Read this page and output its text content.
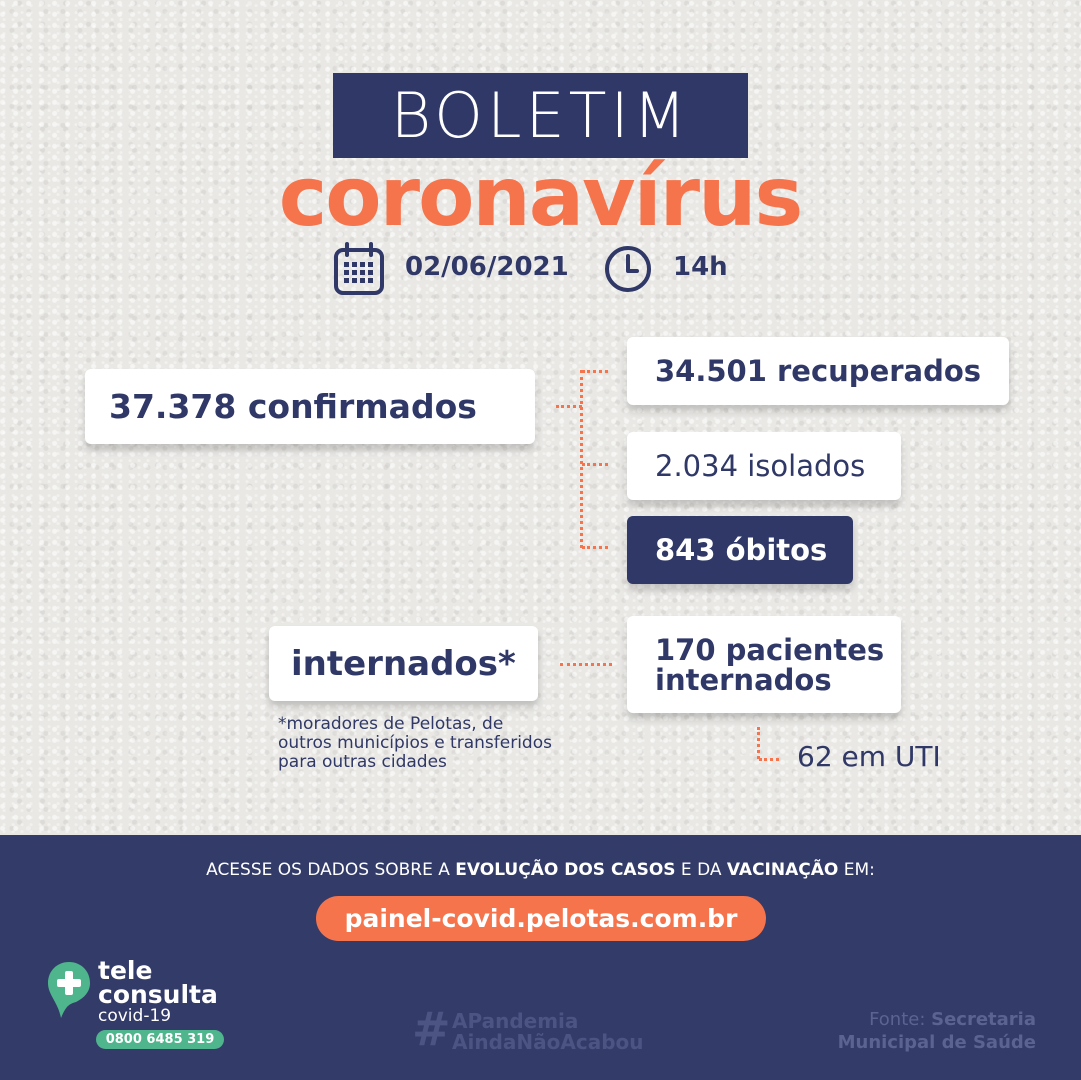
BOLETIM
coronavírus
02/06/2021	14h
37.378 confirmados
34.501 recuperados
2.034 isolados
843 óbitos
internados*	170 pacientes
internados
*moradores de Pelotas, de
outros municípios e transferidos
para outras cidades	62 em UTI
ACESSE OS DADOS SOBRE A EVOLUÇÃO DOS CASOS E DA VACINAÇÃO EM:
painel-covid.pelotas.com.br
tele
consulta
covid-19
0800 6485 319	# APandemia
AindaNãoAcabou
Fonte: Secretaria
Municipal de Saúde
